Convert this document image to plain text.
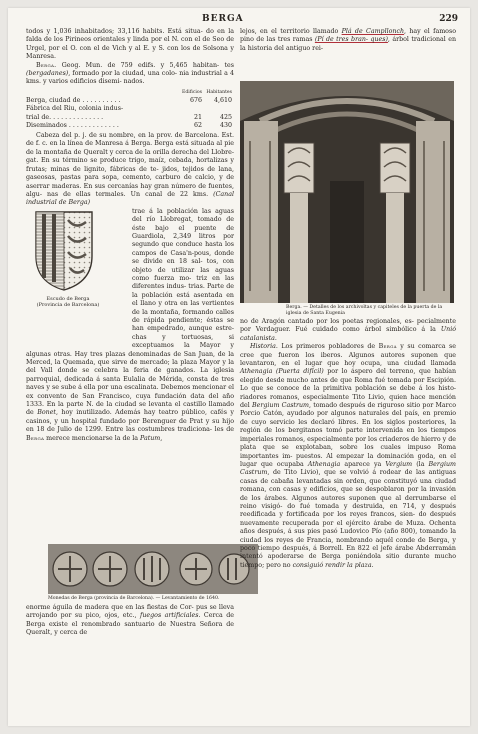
BERGA	229

todos y 1,036 inhabitados; 33,116 habits. Está situa- do en la falda de los Pirineos orientales y linda por el N. con el de Seo de Urgel, por el O. con el de Vich y al E. y S. con los de Solsona y Manresa.

Berga. Geog. Mun. de 759 edifs. y 5,465 habitan- tes (bergadanes), formado por la ciudad, una colo- nia industrial a 4 kms. y varios edificios disemi- nados.

	Edificios	Habitantes
Berga, ciudad de . . . . . . . . . .	676	4,610
Fábrica del Riu, colonia indus-		
trial de. . . . . . . . . . . . . .	21	425
Diseminados . . . . . . . . . . . . .	62	430

Cabeza del p. j. de su nombre, en la prov. de Barcelona. Est. de f. c. en la línea de Manresa á Berga. Berga está situada al pie de la montaña de Queralt y cerca de la orilla derecha del Llobre- gat. En su término se produce trigo, maíz, cebada, hortalizas y frutas; minas de lignito, fábricas de te- jidos, tejidos de lana, gaseosas, pastas para sopa, cemento, carburo de calcio, y de aserrar maderas. En sus cercanías hay gran número de fuentes, algu- nas de ellas termales. Un canal de 22 kms. (Canal industrial de Berga)

Escudo de Berga
(Provincia de Barcelona)

trae á la población las aguas del río Llobregat, tomado de éste bajo el puente de Guardiola, 2,349 litros por segundo que conduce hasta los campos de Casa'n-pous, donde se divide en 18 sal- tos, con objeto de utilizar las aguas como fuerza mo- triz en las diferentes indus- trias. Parte de la población está asentada en el llano y otra en las vertientes de la montaña, formando calles de rápida pendiente; éstas se han empedrado, aunque estre- chas y tortuosas, si exceptuamos la Mayor y algunas otras. Hay tres plazas denominadas de San Juan, de la Merced, la Quemada, que sirve de mercado; la plaza Mayor y la del Vall donde se celebra la feria de ganados. La iglesia parroquial, dedicada á santa Eulalia de Mérida, consta de tres naves y se sube á ella por una escalinata. Debemos mencionar el ex convento de San Francisco, cuya fundación data del año 1333. En la parte N. de la ciudad se levanta el castillo llamado de Bonet, hoy inutilizado. Además hay teatro público, cafés y casinos, y un hospital fundado por Berenguer de Prat y su hijo en 18 de Julio de 1299. Entre las costumbres tradiciona- les de Berga merece mencionarse la de la Patum,

Monedas de Berga (provincia de Barcelona). — Levantamiento de 1640.

enorme águila de madera que en las fiestas de Cor- pus se lleva arrojando por su pico, ojos, etc., fuegos artificiales. Cerca de Berga existe el renombrado santuario de Nuestra Señora de Queralt, y cerca de

lejos, en el territorio llamado Plá de Campllonch, hay el famoso pino de las tres ramas (Pí de tres bran- ques), árbol tradicional en la historia del antiguo rei-

Berga. — Detalles de los archivoltas y capiteles de la puerta de la iglesia de Santa Eugenia

no de Aragón cantado por los poetas regionales, es- pecialmente por Verdaguer. Fué cuidado como árbol simbólico á la Unió catalanista.

Historia. Los primeros pobladores de Berga y su comarca se cree que fueron los iberos. Algunos autores suponen que levantaron, en el lugar que hoy ocupa, una ciudad llamada Athenagia (Puerta difícil) por lo áspero del terreno, que habían elegido desde mucho antes de que Roma fué tomada por Escipión. Lo que se conoce de la primitiva población se debe á los histo- riadores romanos, especialmente Tito Livio, quien hace mención del Bergium Castrum, tomado después de riguroso sitio por Marco Porcio Catón, ayudado por algunos naturales del país, en premio de cuyo servicio les declaró libres. En los siglos posteriores, la región de los bergitanos tomó parte intervenida en los tiempos imperiales romanos, especialmente por los criaderos de hierro y de plata que se explotaban, sobre los cuales impuso Roma importantes im- puestos. Al empezar la dominación goda, en el lugar que ocupaba Athenagia aparece ya Vergium (la Bergium Castrum, de Tito Livio), que se volvió á rodear de las antiguas casas de cabaña levantadas sin orden, que constituyó una ciudad romana, con casas y edificios, que se despoblaron por la invasión de los árabes. Algunos autores suponen que al derrumbarse el reino visigó- do fué tomada y destruida, en 714, y después reedificada y fortificada por los reyes francos, sien- do después nuevamente recuperada por el ejército árabe de Muza. Ochenta años después, á sus pies pasó Ludovico Pío (año 800), tomando la ciudad los reyes de Francia, nombrando aquél conde de Berga, y poco tiempo después, á Borrell. En 822 el jefe árabe Abderramán intentó apoderarse de Berga poniéndola sitio durante mucho tiempo; pero no consiguió rendir la plaza.
